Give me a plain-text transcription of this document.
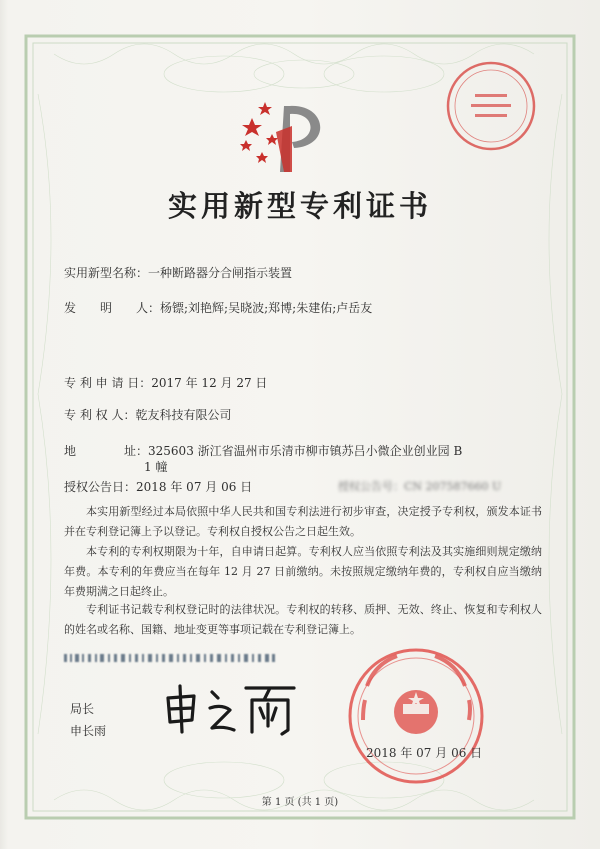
实用新型专利证书
实用新型名称：一种断路器分合闸指示装置
发　　明　　人：杨镖;刘艳辉;吴晓波;郑博;朱建佑;卢岳友
专 利 申 请 日：2017 年 12 月 27 日
专 利 权 人：乾友科技有限公司
地　　　　址：325603 浙江省温州市乐清市柳市镇苏吕小微企业创业园 B
1 幢
授权公告日：2018 年 07 月 06 日	授权公告号：CN 207587660 U
本实用新型经过本局依照中华人民共和国专利法进行初步审查，决定授予专利权，颁发本证书并在专利登记簿上予以登记。专利权自授权公告之日起生效。
本专利的专利权期限为十年，自申请日起算。专利权人应当依照专利法及其实施细则规定缴纳年费。本专利的年费应当在每年 12 月 27 日前缴纳。未按照规定缴纳年费的，专利权自应当缴纳年费期满之日起终止。
专利证书记载专利权登记时的法律状况。专利权的转移、质押、无效、终止、恢复和专利权人的姓名或名称、国籍、地址变更等事项记载在专利登记簿上。
局长
申长雨
2018 年 07 月 06 日
第 1 页 (共 1 页)
